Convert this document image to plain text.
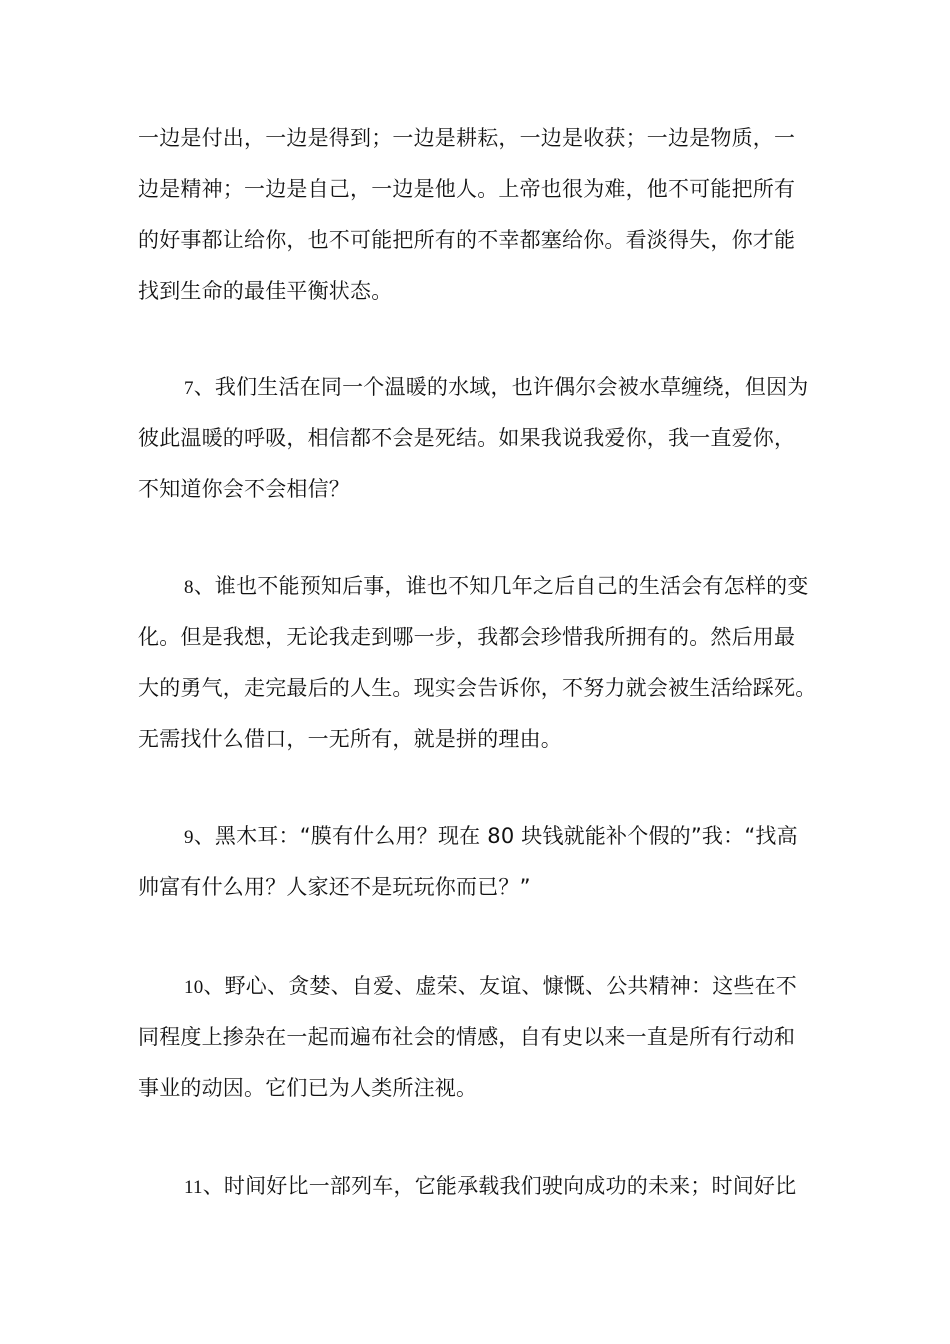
一边是付出，一边是得到；一边是耕耘，一边是收获；一边是物质，一
边是精神；一边是自己，一边是他人。上帝也很为难，他不可能把所有
的好事都让给你，也不可能把所有的不幸都塞给你。看淡得失，你才能
找到生命的最佳平衡状态。
7、我们生活在同一个温暖的水域，也许偶尔会被水草缠绕，但因为
彼此温暖的呼吸，相信都不会是死结。如果我说我爱你，我一直爱你，
不知道你会不会相信？
8、谁也不能预知后事，谁也不知几年之后自己的生活会有怎样的变
化。但是我想，无论我走到哪一步，我都会珍惜我所拥有的。然后用最
大的勇气，走完最后的人生。现实会告诉你，不努力就会被生活给踩死。
无需找什么借口，一无所有，就是拼的理由。
9、黑木耳：“膜有什么用？现在 80 块钱就能补个假的”我：“找高
帅富有什么用？人家还不是玩玩你而已？”
10、野心、贪婪、自爱、虚荣、友谊、慷慨、公共精神：这些在不
同程度上掺杂在一起而遍布社会的情感，自有史以来一直是所有行动和
事业的动因。它们已为人类所注视。
11、时间好比一部列车，它能承载我们驶向成功的未来；时间好比
